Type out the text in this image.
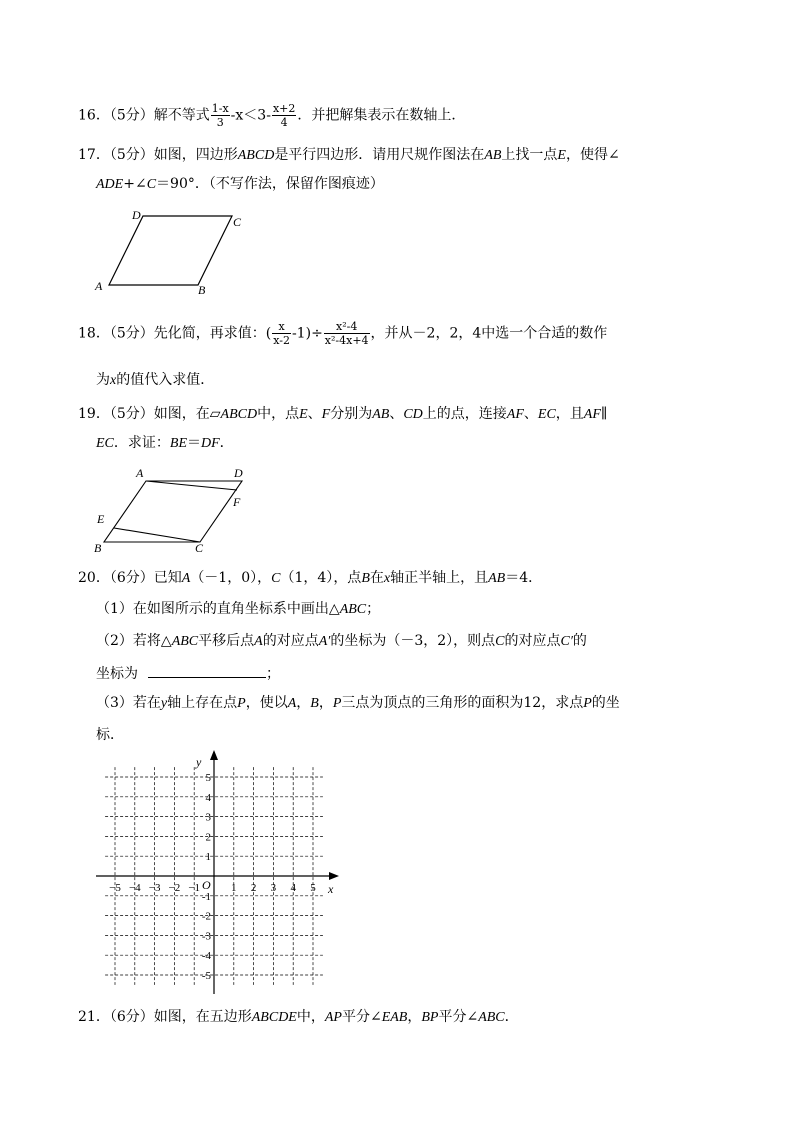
16．（5分）解不等式 $\frac{1-x}{3} -x<3- \frac{x+2}{4}$ ．并把解集表示在数轴上．
17．（5分）如图，四边形ABCD是平行四边形．请用尺规作图法在AB上找一点E，使得∠
ADE+∠C＝90°．（不写作法，保留作图痕迹）
A	B
C
D
18．（5分）先化简，再求值：( $\frac{x}{x-2} -1)\div \frac{\text{x²-4}}{\text{x²-4x+4}}$ ，并从－2，2，4中选一个合适的数作
为x的值代入求值．
19．（5分）如图，在▱ABCD中，点E、F分别为AB、CD上的点，连接AF、EC，且AF∥
EC．求证：BE＝DF．
A	D
F
E
B	C
20．（6分）已知A（－1，0），C（1，4），点B在x轴正半轴上，且AB＝4．
（1）在如图所示的直角坐标系中画出△ABC；
（2）若将△ABC平移后点A的对应点A′的坐标为（－3，2），则点C的对应点C′的
坐标为	；
（3）若在y轴上存在点P，使以A，B，P三点为顶点的三角形的面积为12，求点P的坐
标．
x
y
O
−5 −4 −3 −2 −1	1 2 3 4 5
5
4
3
2
1
-1
-2
-3
-4
-5
21．（6分）如图，在五边形ABCDE中，AP平分∠EAB，BP平分∠ABC．
